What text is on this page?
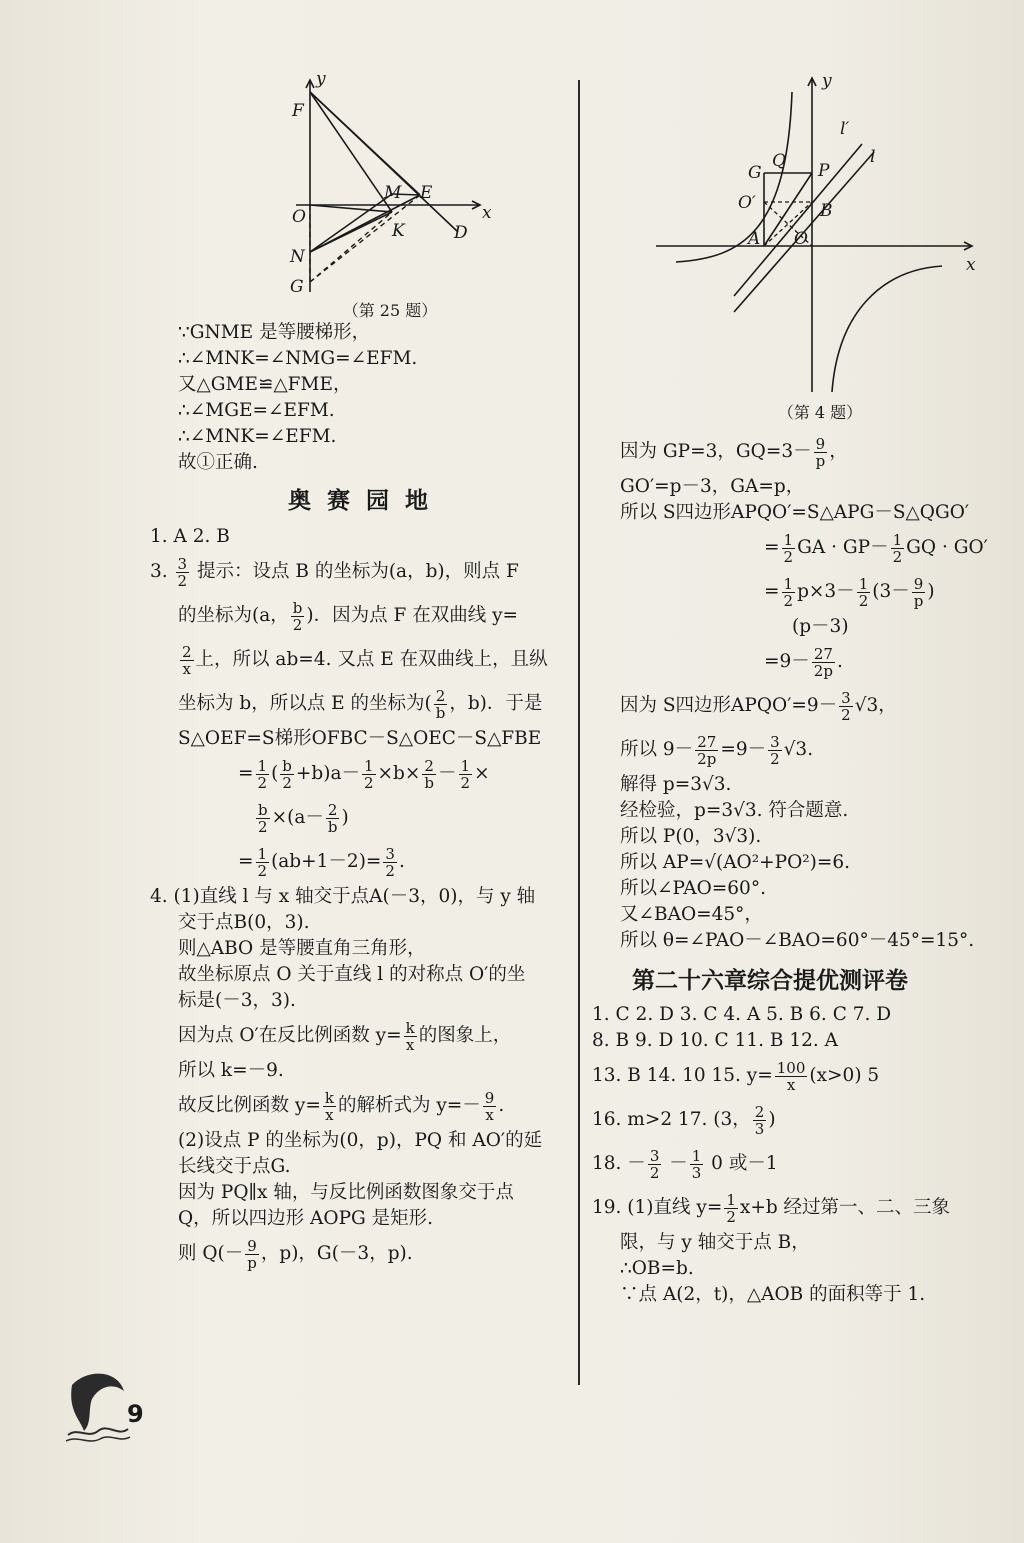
y
x
F
M E
O
K	D
N
G
（第 25 题）
y
x
G
Q P
O′	B
A O
l′
l
（第 4 题）

∵GNME 是等腰梯形，

∴∠MNK=∠NMG=∠EFM.

又△GME≌△FME，

∴∠MGE=∠EFM.

∴∠MNK=∠EFM.

故①正确.

奥 赛 园 地

1. A 2. B

3. $\frac{3}{2}$ 提示：设点 B 的坐标为(a，b)，则点 F

的坐标为(a， $\frac{b}{2}$ )．因为点 F 在双曲线 y=

$\frac{2}{x}$ 上，所以 ab=4. 又点 E 在双曲线上，且纵

坐标为 b，所以点 E 的坐标为( $\frac{2}{b}$ ，b)．于是

S△OEF=S梯形OFBC－S△OEC－S△FBE

= $\frac{1}{2}$ ( $\frac{b}{2} +b)a- \frac{1}{2} \times b\times \frac{2}{b} - \frac{1}{2}$ ×

$\frac{b}{2} \times(a- \frac{2}{b}$ )

= $\frac{1}{2} (ab+1-2)= \frac{3}{2}$ .

4. (1)直线 l 与 x 轴交于点A(－3，0)，与 y 轴

交于点B(0，3).

则△ABO 是等腰直角三角形，

故坐标原点 O 关于直线 l 的对称点 O′的坐

标是(－3，3).

因为点 O′在反比例函数 $y= \frac{k}{x}$ 的图象上，

所以 k=－9.

故反比例函数 $y= \frac{k}{x}$ 的解析式为 $y=- \frac{9}{x}$ .

(2)设点 P 的坐标为(0，p)，PQ 和 AO′的延

长线交于点G.

因为 PQ∥x 轴，与反比例函数图象交于点

Q，所以四边形 AOPG 是矩形.

则 $Q(- \frac{9}{p}$ ，p)，G(－3，p).

因为 GP=3，$GQ=3- \frac{9}{p}$ ，

GO′=p－3，GA=p，

所以 S四边形APQO′=S△APG－S△QGO′

= $\frac{1}{2}$ GA · $GP- \frac{1}{2}$ GQ · GO′

= $\frac{1}{2} p\times 3- \frac{1}{2} (3- \frac{9}{p}$ )

(p－3)

$=9- \frac{27}{2p}$ .

因为 S四边形APQO′=9－ $\frac{3}{2} √3$，

所以 $9- \frac{27}{2p} =9- \frac{3}{2} √3$.

解得 p=3√3.

经检验，p=3√3. 符合题意.

所以 P(0，3√3).

所以 AP=√(AO²+PO²)=6.

所以∠PAO=60°.

又∠BAO=45°，

所以 θ=∠PAO－∠BAO=60°－45°=15°.

第二十六章综合提优测评卷

1. C 2. D 3. C 4. A 5. B 6. C 7. D

8. B 9. D 10. C 11. B 12. A

13. B 14. 10 15. $y= \frac{100}{x} (x>0)$ 5

16. m>2 17. (3， $\frac{2}{3}$ )

18. － $\frac{3}{2} - \frac{1}{3} 0$ 或－1

19. (1)直线 $y= \frac{1}{2} x+b$ 经过第一、二、三象

限，与 y 轴交于点 B，

∴OB=b.

∵点 A(2，t)，△AOB 的面积等于 1.

9
